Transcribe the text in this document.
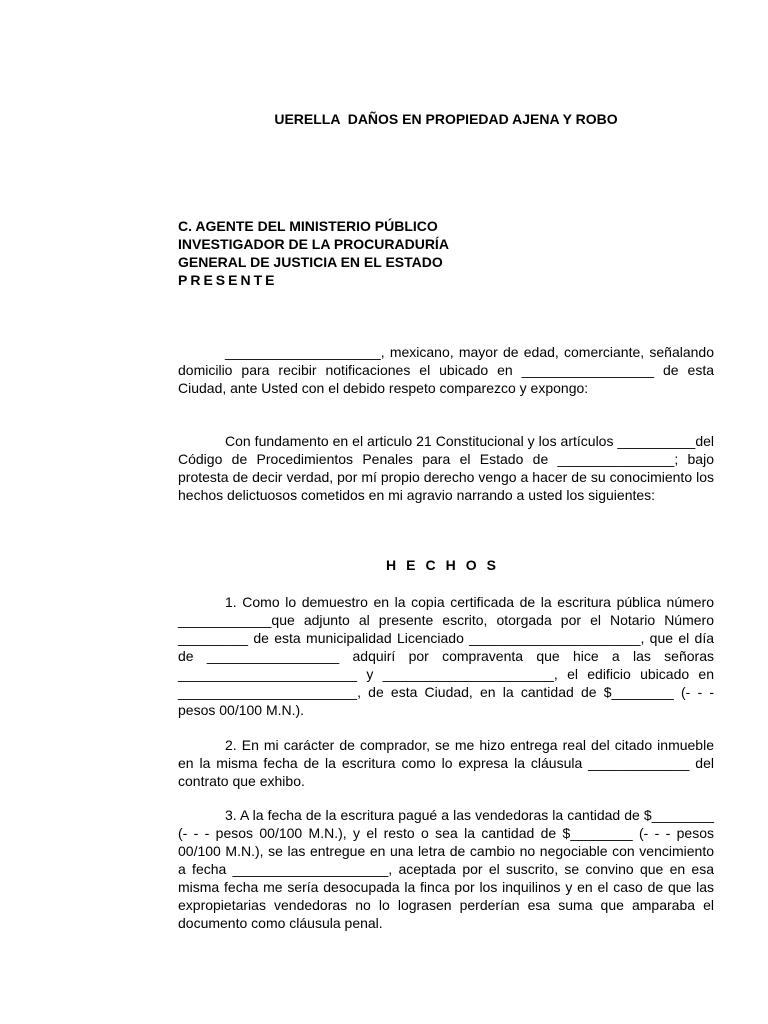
UERELLA  DAÑOS EN PROPIEDAD AJENA Y ROBO
C. AGENTE DEL MINISTERIO PÚBLICO
INVESTIGADOR DE LA PROCURADURÍA
GENERAL DE JUSTICIA EN EL ESTADO
PRESENTE
____________________, mexicano, mayor de edad, comerciante, señalando domicilio para recibir notificaciones el ubicado en _________________ de esta Ciudad, ante Usted con el debido respeto comparezco y expongo:
Con fundamento en el articulo 21 Constitucional y los artículos __________del Código de Procedimientos Penales para el Estado de _______________; bajo protesta de decir verdad, por mí propio derecho vengo a hacer de su conocimiento los hechos delictuosos cometidos en mi agravio narrando a usted los siguientes:
HECHOS
1. Como lo demuestro en la copia certificada de la escritura pública número ____________que adjunto al presente escrito, otorgada por el Notario Número _________ de esta municipalidad Licenciado ______________________, que el día de _________________ adquirí por compraventa que hice a las señoras _______________________ y ______________________, el edificio ubicado en _______________________, de esta Ciudad, en la cantidad de $________ (- - - pesos 00/100 M.N.).
2. En mi carácter de comprador, se me hizo entrega real del citado inmueble en la misma fecha de la escritura como lo expresa la cláusula _____________ del contrato que exhibo.
3. A la fecha de la escritura pagué a las vendedoras la cantidad de $________ (- - - pesos 00/100 M.N.), y el resto o sea la cantidad de $________ (- - - pesos 00/100 M.N.), se las entregue en una letra de cambio no negociable con vencimiento a fecha ____________________, aceptada por el suscrito, se convino que en esa misma fecha me sería desocupada la finca por los inquilinos y en el caso de que las expropietarias vendedoras no lo lograsen perderían esa suma que amparaba el documento como cláusula penal.
